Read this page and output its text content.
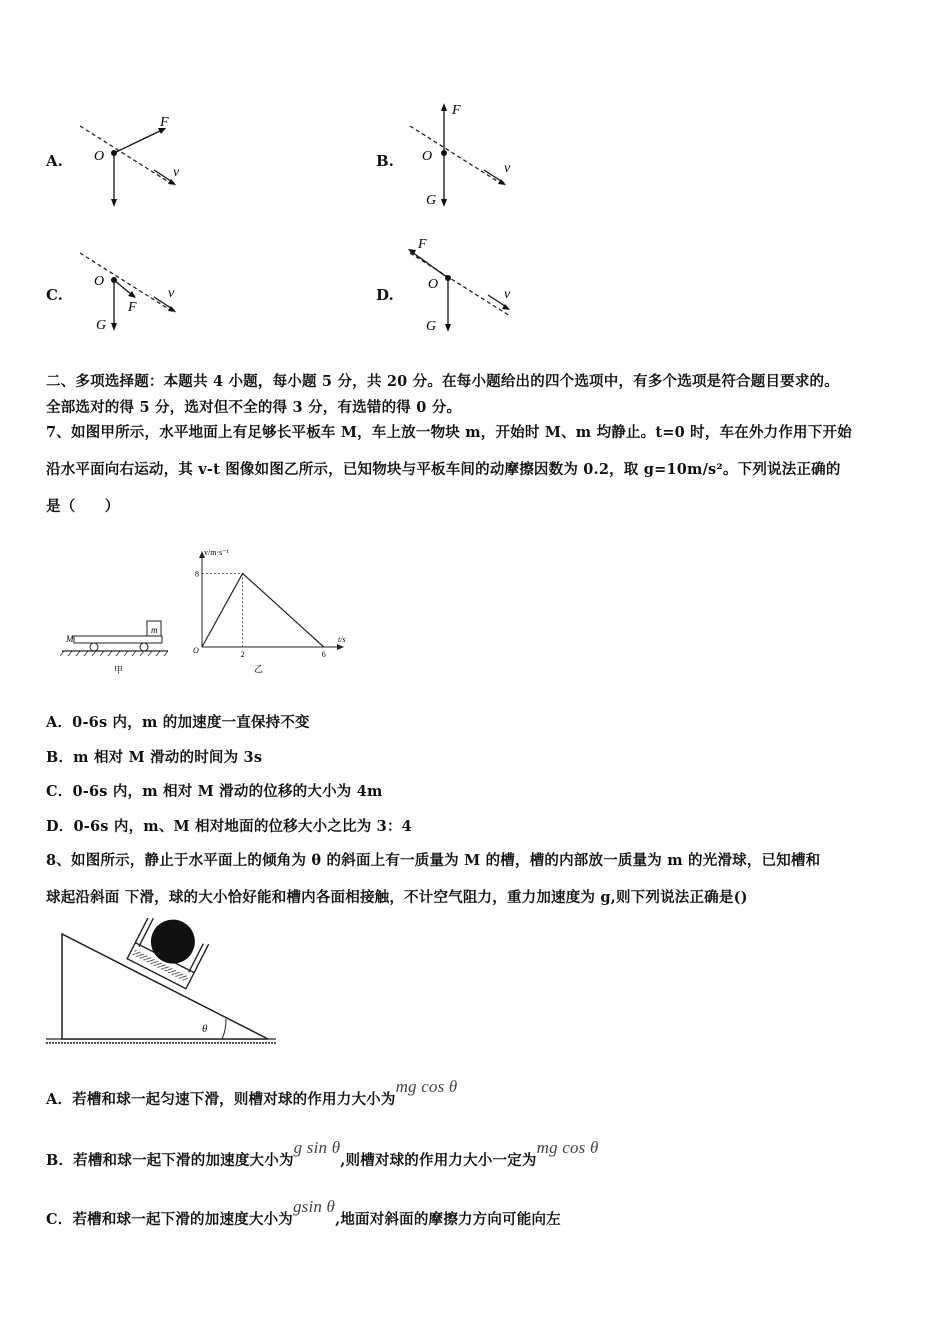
A. O
F
v
B. O
F
v
G
C.
O
F
v
G
D.
O
F
v
G
二、多项选择题：本题共 4 小题，每小题 5 分，共 20 分。在每小题给出的四个选项中，有多个选项是符合题目要求的。
全部选对的得 5 分，选对但不全的得 3 分，有选错的得 0 分。
7、如图甲所示，水平地面上有足够长平板车 M，车上放一物块 m，开始时 M、m 均静止。t=0 时，车在外力作用下开始
沿水平面向右运动，其 v-t 图像如图乙所示，已知物块与平板车间的动摩擦因数为 0.2，取 g=10m/s²。下列说法正确的
是（　　）
m
M
甲
v/m·s⁻¹
t/s
O
8
2	6
乙
A．0-6s 内，m 的加速度一直保持不变
B．m 相对 M 滑动的时间为 3s
C．0-6s 内，m 相对 M 滑动的位移的大小为 4m
D．0-6s 内，m、M 相对地面的位移大小之比为 3：4
8、如图所示，静止于水平面上的倾角为 θ 的斜面上有一质量为 M 的槽，槽的内部放一质量为 m 的光滑球，已知槽和
球起沿斜面 下滑，球的大小恰好能和槽内各面相接触，不计空气阻力，重力加速度为 g,则下列说法正确是()
θ
A．若槽和球一起匀速下滑，则槽对球的作用力大小为mg cos θ
B．若槽和球一起下滑的加速度大小为g sin θ,则槽对球的作用力大小一定为mg cos θ
C．若槽和球一起下滑的加速度大小为gsin θ,地面对斜面的摩擦力方向可能向左
